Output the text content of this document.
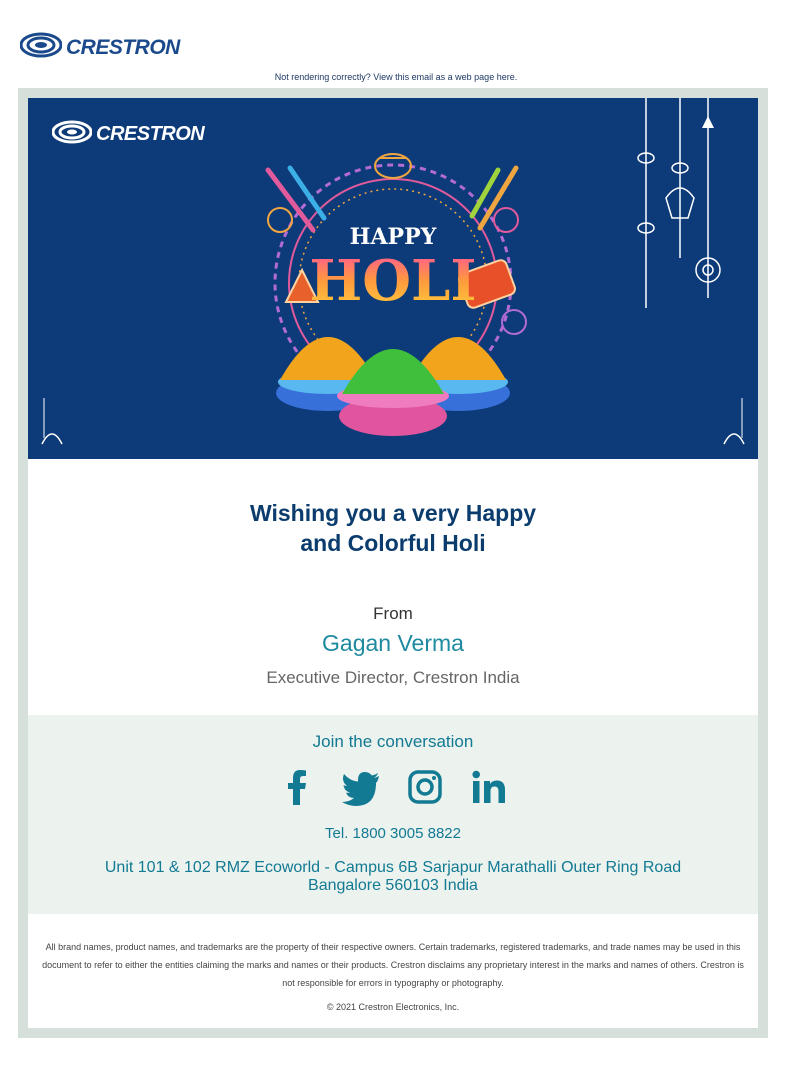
CRESTRON
Not rendering correctly? View this email as a web page here.
CRESTRON
HAPPY
HOLI
Wishing you a very Happy
and Colorful Holi
From
Gagan Verma
Executive Director, Crestron India
Join the conversation
Tel. 1800 3005 8822
Unit 101 & 102 RMZ Ecoworld - Campus 6B Sarjapur Marathalli Outer Ring Road
Bangalore 560103 India
All brand names, product names, and trademarks are the property of their respective owners. Certain trademarks, registered trademarks, and trade names may be used in this document to refer to either the entities claiming the marks and names or their products. Crestron disclaims any proprietary interest in the marks and names of others. Crestron is not responsible for errors in typography or photography.
© 2021 Crestron Electronics, Inc.
